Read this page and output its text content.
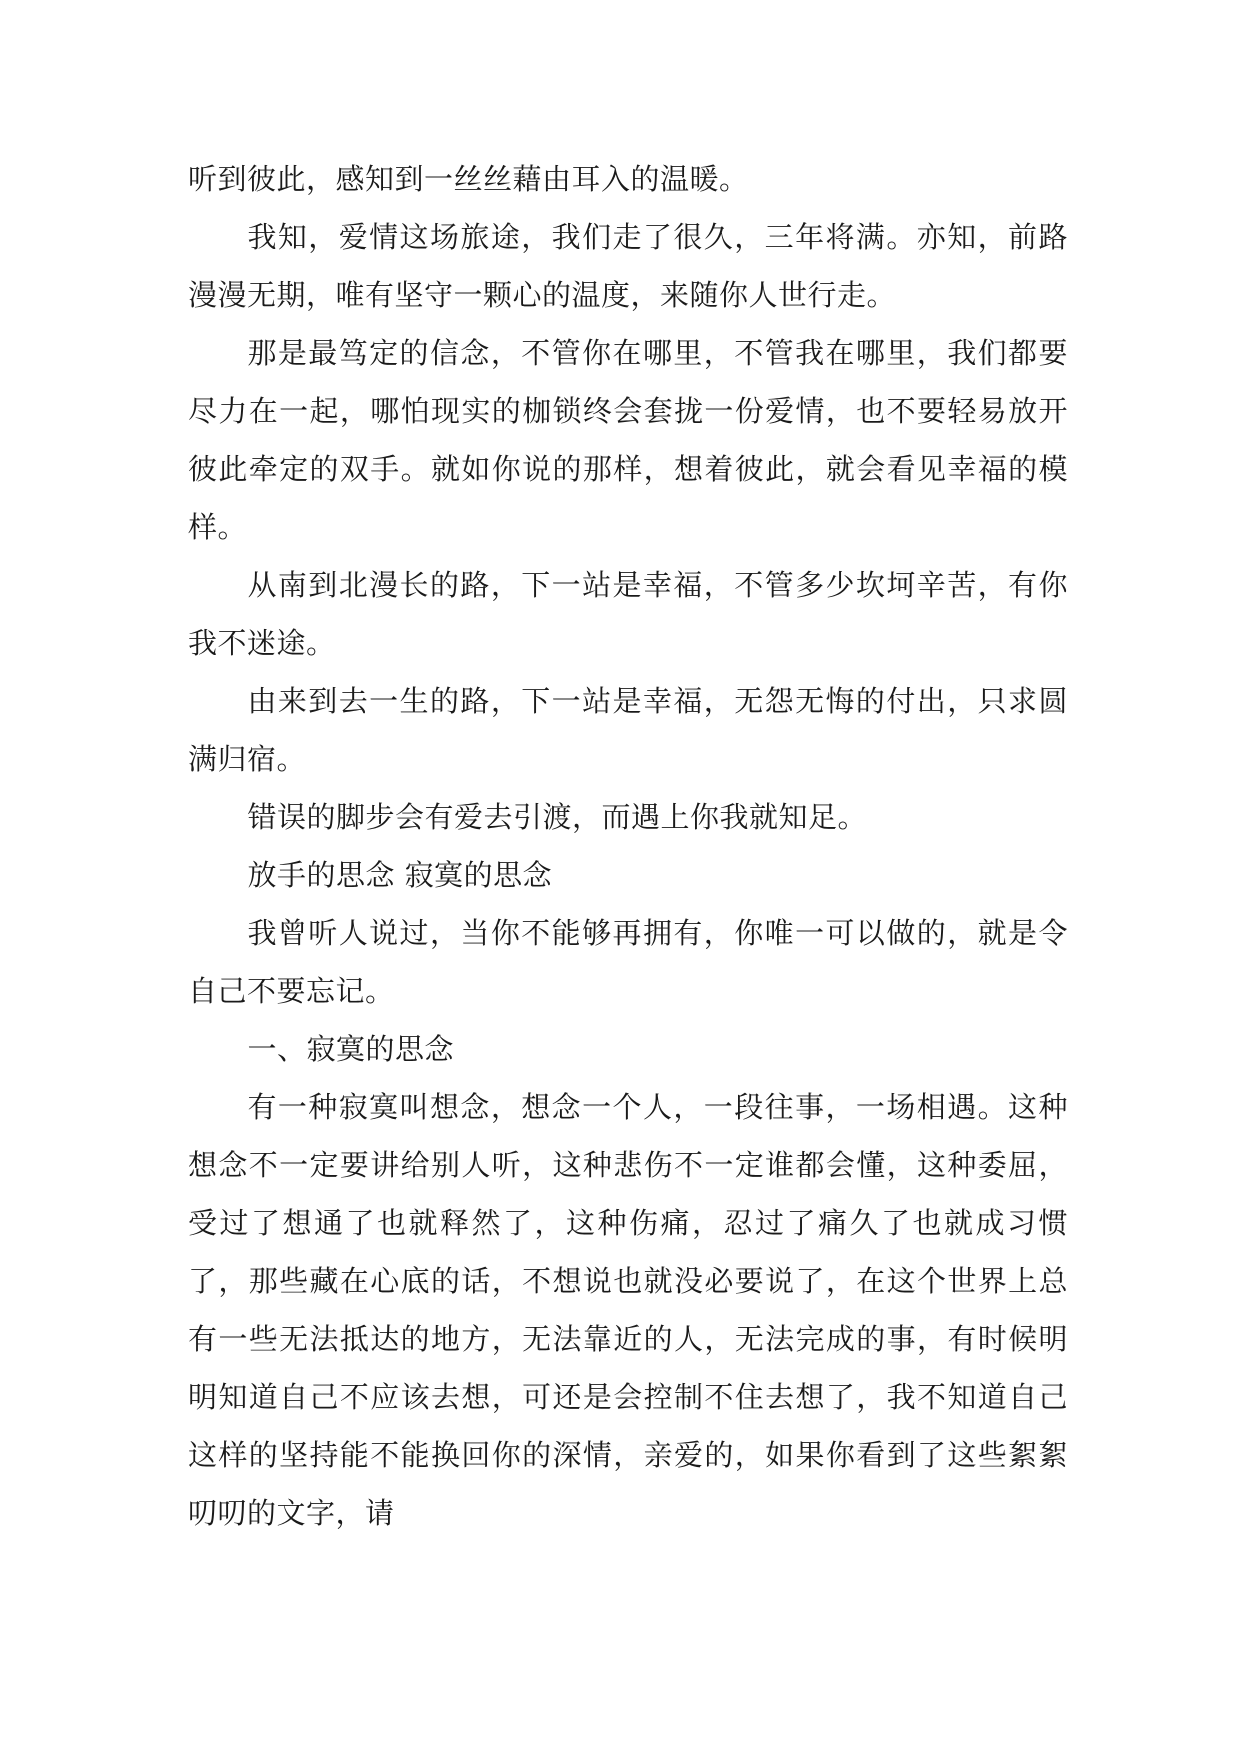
听到彼此，感知到一丝丝藉由耳入的温暖。

我知，爱情这场旅途，我们走了很久，三年将满。亦知，前路漫漫无期，唯有坚守一颗心的温度，来随你人世行走。

那是最笃定的信念，不管你在哪里，不管我在哪里，我们都要尽力在一起，哪怕现实的枷锁终会套拢一份爱情，也不要轻易放开彼此牵定的双手。就如你说的那样，想着彼此，就会看见幸福的模样。

从南到北漫长的路，下一站是幸福，不管多少坎坷辛苦，有你我不迷途。

由来到去一生的路，下一站是幸福，无怨无悔的付出，只求圆满归宿。

错误的脚步会有爱去引渡，而遇上你我就知足。

放手的思念 寂寞的思念

我曾听人说过，当你不能够再拥有，你唯一可以做的，就是令自己不要忘记。

一、寂寞的思念

有一种寂寞叫想念，想念一个人，一段往事，一场相遇。这种想念不一定要讲给别人听，这种悲伤不一定谁都会懂，这种委屈，受过了想通了也就释然了，这种伤痛，忍过了痛久了也就成习惯了，那些藏在心底的话，不想说也就没必要说了，在这个世界上总有一些无法抵达的地方，无法靠近的人，无法完成的事，有时候明明知道自己不应该去想，可还是会控制不住去想了，我不知道自己这样的坚持能不能换回你的深情，亲爱的，如果你看到了这些絮絮叨叨的文字，请
